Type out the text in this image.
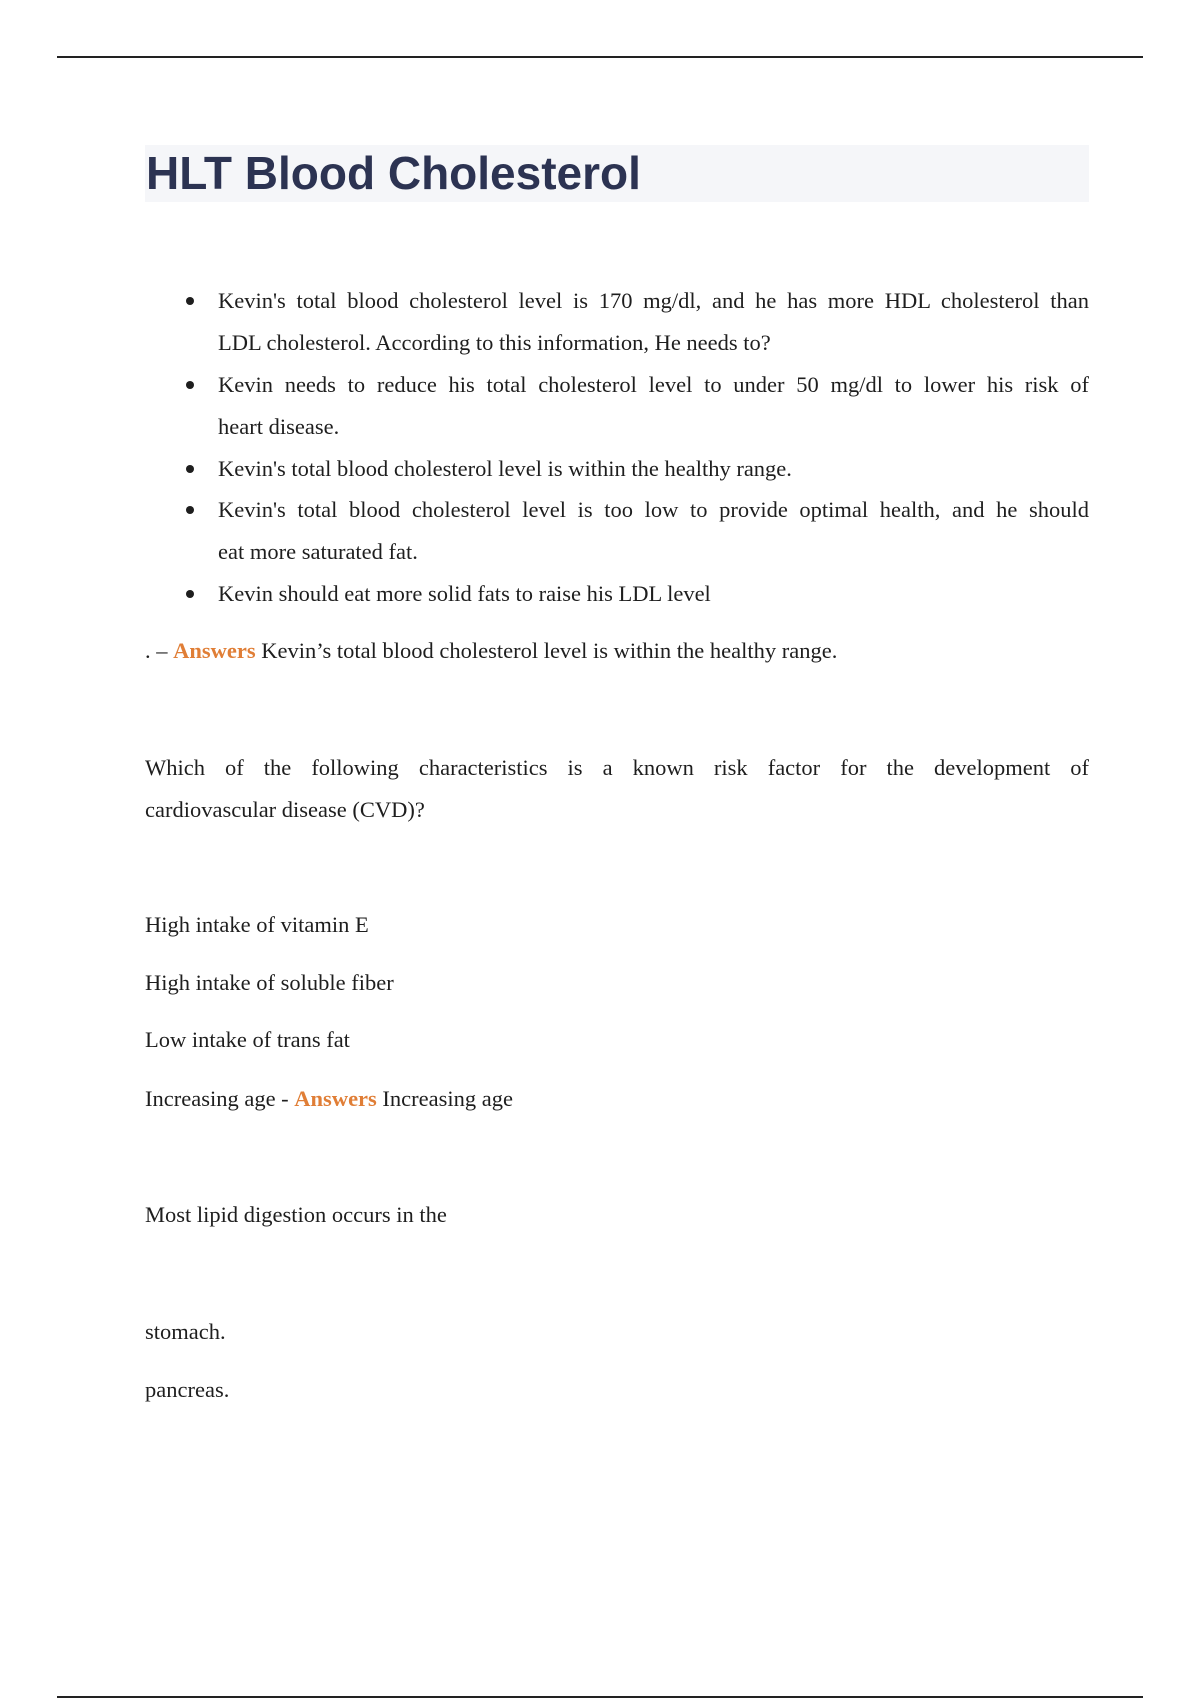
HLT Blood Cholesterol
Kevin's total blood cholesterol level is 170 mg/dl, and he has more HDL cholesterol than
LDL cholesterol. According to this information, He needs to?
Kevin needs to reduce his total cholesterol level to under 50 mg/dl to lower his risk of
heart disease.
Kevin's total blood cholesterol level is within the healthy range.
Kevin's total blood cholesterol level is too low to provide optimal health, and he should
eat more saturated fat.
Kevin should eat more solid fats to raise his LDL level
. – Answers Kevin’s total blood cholesterol level is within the healthy range.
Which of the following characteristics is a known risk factor for the development of
cardiovascular disease (CVD)?
High intake of vitamin E
High intake of soluble fiber
Low intake of trans fat
Increasing age - Answers Increasing age
Most lipid digestion occurs in the
stomach.
pancreas.
